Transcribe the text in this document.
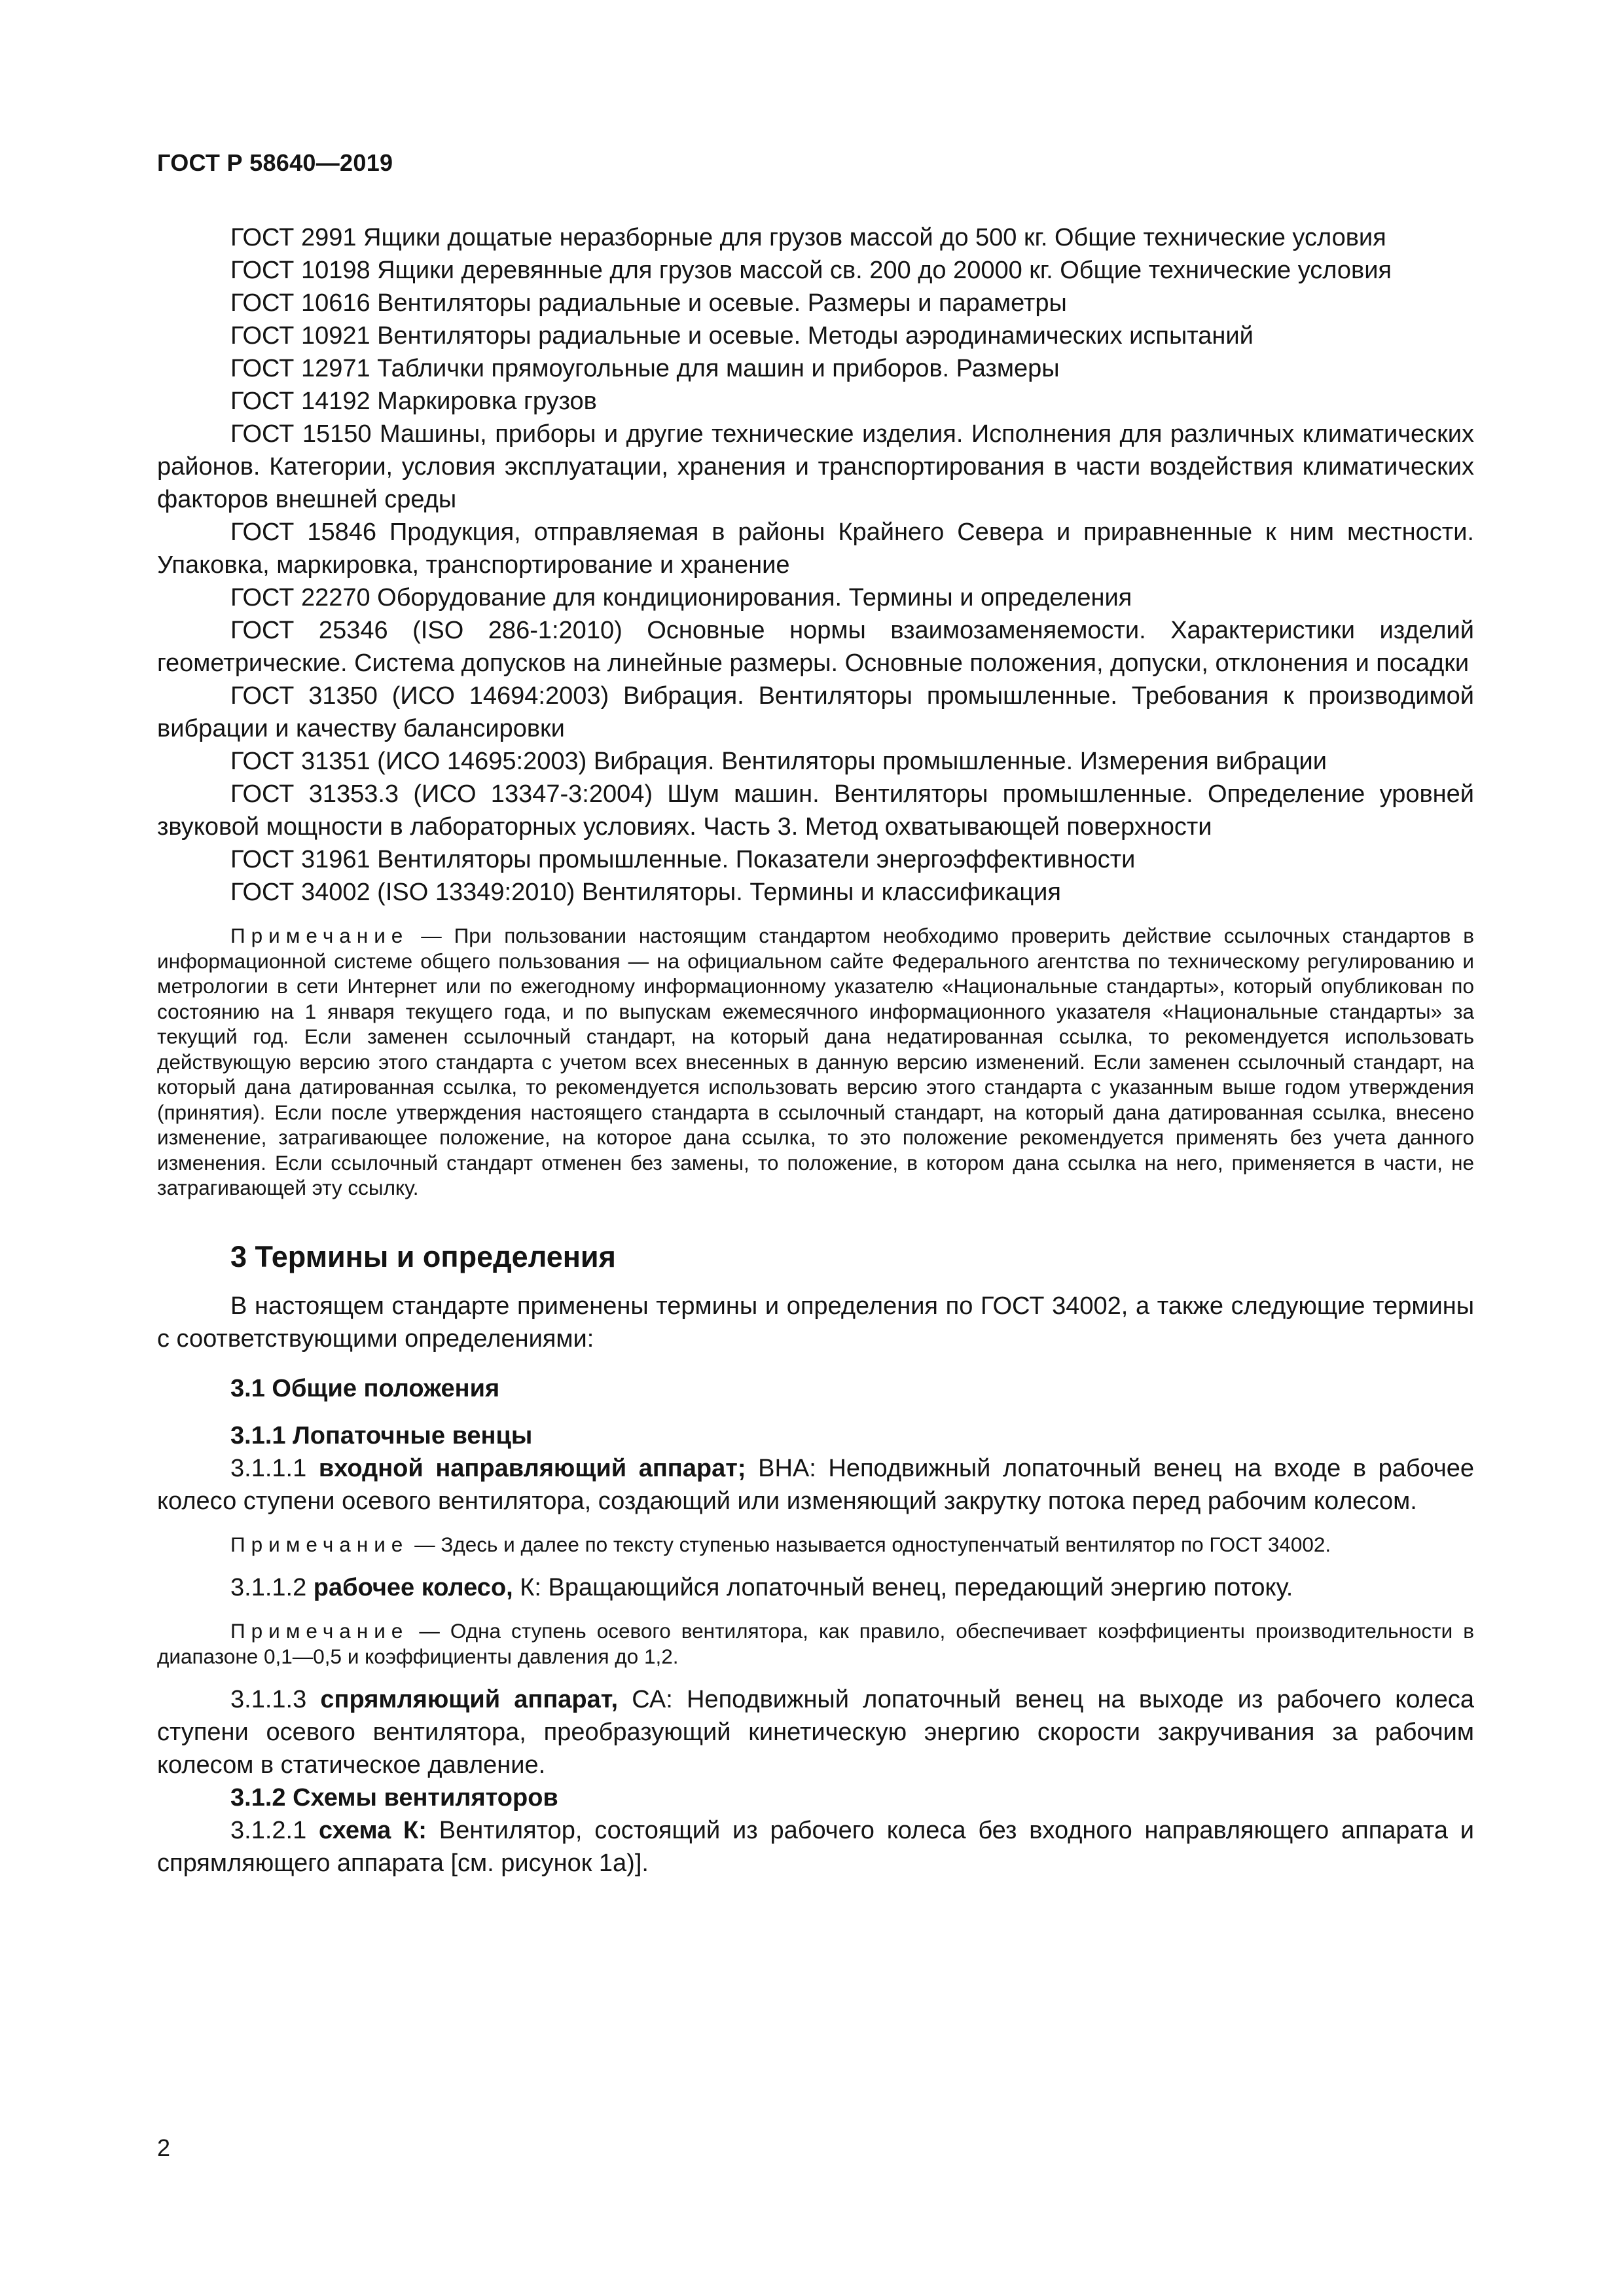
ГОСТ Р 58640—2019

ГОСТ 2991 Ящики дощатые неразборные для грузов массой до 500 кг. Общие технические условия

ГОСТ 10198 Ящики деревянные для грузов массой св. 200 до 20000 кг. Общие технические условия

ГОСТ 10616 Вентиляторы радиальные и осевые. Размеры и параметры

ГОСТ 10921 Вентиляторы радиальные и осевые. Методы аэродинамических испытаний

ГОСТ 12971 Таблички прямоугольные для машин и приборов. Размеры

ГОСТ 14192 Маркировка грузов

ГОСТ 15150 Машины, приборы и другие технические изделия. Исполнения для различных климатических районов. Категории, условия эксплуатации, хранения и транспортирования в части воздействия климатических факторов внешней среды

ГОСТ 15846 Продукция, отправляемая в районы Крайнего Севера и приравненные к ним местности. Упаковка, маркировка, транспортирование и хранение

ГОСТ 22270 Оборудование для кондиционирования. Термины и определения

ГОСТ 25346 (ISO 286-1:2010) Основные нормы взаимозаменяемости. Характеристики изделий геометрические. Система допусков на линейные размеры. Основные положения, допуски, отклонения и посадки

ГОСТ 31350 (ИСО 14694:2003) Вибрация. Вентиляторы промышленные. Требования к производимой вибрации и качеству балансировки

ГОСТ 31351 (ИСО 14695:2003) Вибрация. Вентиляторы промышленные. Измерения вибрации

ГОСТ 31353.3 (ИСО 13347-3:2004) Шум машин. Вентиляторы промышленные. Определение уровней звуковой мощности в лабораторных условиях. Часть 3. Метод охватывающей поверхности

ГОСТ 31961 Вентиляторы промышленные. Показатели энергоэффективности

ГОСТ 34002 (ISO 13349:2010) Вентиляторы. Термины и классификация

Примечание — При пользовании настоящим стандартом необходимо проверить действие ссылочных стандартов в информационной системе общего пользования — на официальном сайте Федерального агентства по техническому регулированию и метрологии в сети Интернет или по ежегодному информационному указателю «Национальные стандарты», который опубликован по состоянию на 1 января текущего года, и по выпускам ежемесячного информационного указателя «Национальные стандарты» за текущий год. Если заменен ссылочный стандарт, на который дана недатированная ссылка, то рекомендуется использовать действующую версию этого стандарта с учетом всех внесенных в данную версию изменений. Если заменен ссылочный стандарт, на который дана датированная ссылка, то рекомендуется использовать версию этого стандарта с указанным выше годом утверждения (принятия). Если после утверждения настоящего стандарта в ссылочный стандарт, на который дана датированная ссылка, внесено изменение, затрагивающее положение, на которое дана ссылка, то это положение рекомендуется применять без учета данного изменения. Если ссылочный стандарт отменен без замены, то положение, в котором дана ссылка на него, применяется в части, не затрагивающей эту ссылку.

3 Термины и определения

В настоящем стандарте применены термины и определения по ГОСТ 34002, а также следующие термины с соответствующими определениями:

3.1 Общие положения

3.1.1 Лопаточные венцы

3.1.1.1 входной направляющий аппарат; ВНА: Неподвижный лопаточный венец на входе в рабочее колесо ступени осевого вентилятора, создающий или изменяющий закрутку потока перед рабочим колесом.

Примечание — Здесь и далее по тексту ступенью называется одноступенчатый вентилятор по ГОСТ 34002.

3.1.1.2 рабочее колесо, К: Вращающийся лопаточный венец, передающий энергию потоку.

Примечание — Одна ступень осевого вентилятора, как правило, обеспечивает коэффициенты производительности в диапазоне 0,1—0,5 и коэффициенты давления до 1,2.

3.1.1.3 спрямляющий аппарат, СА: Неподвижный лопаточный венец на выходе из рабочего колеса ступени осевого вентилятора, преобразующий кинетическую энергию скорости закручивания за рабочим колесом в статическое давление.

3.1.2 Схемы вентиляторов

3.1.2.1 схема К: Вентилятор, состоящий из рабочего колеса без входного направляющего аппарата и спрямляющего аппарата [см. рисунок 1а)].

2
